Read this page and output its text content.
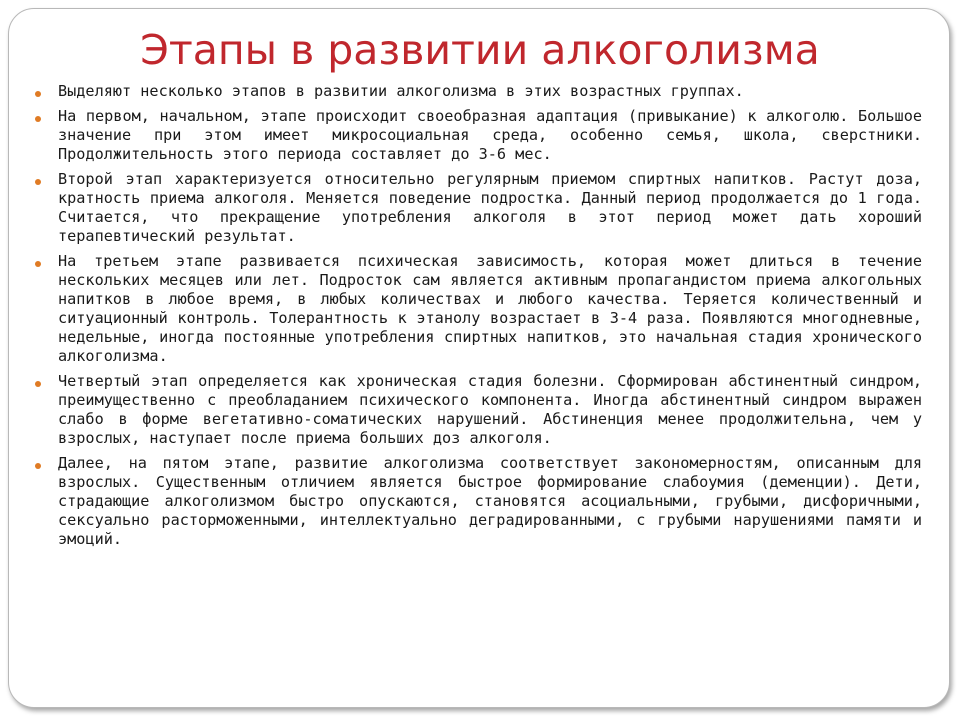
Этапы в развитии алкоголизма
Выделяют несколько этапов в развитии алкоголизма в этих возрастных группах.
На первом, начальном, этапе происходит своеобразная адаптация (привыкание) к алкоголю. Большое значение при этом имеет микросоциальная среда, особенно семья, школа, сверстники. Продолжительность этого периода составляет до 3-6 мес.
Второй этап характеризуется относительно регулярным приемом спиртных напитков. Растут доза, кратность приема алкоголя. Меняется поведение подростка. Данный период продолжается до 1 года. Считается, что прекращение употребления алкоголя в этот период может дать хороший терапевтический результат.
На третьем этапе развивается психическая зависимость, которая может длиться в течение нескольких месяцев или лет. Подросток сам является активным пропагандистом приема алкогольных напитков в любое время, в любых количествах и любого качества. Теряется количественный и ситуационный контроль. Толерантность к этанолу возрастает в 3-4 раза. Появляются многодневные, недельные, иногда постоянные употребления спиртных напитков, это начальная стадия хронического алкоголизма.
Четвертый этап определяется как хроническая стадия болезни. Сформирован абстинентный синдром, преимущественно с преобладанием психического компонента. Иногда абстинентный синдром выражен слабо в форме вегетативно-соматических нарушений. Абстиненция менее продолжительна, чем у взрослых, наступает после приема больших доз алкоголя.
Далее, на пятом этапе, развитие алкоголизма соответствует закономерностям, описанным для взрослых. Существенным отличием является быстрое формирование слабоумия (деменции). Дети, страдающие алкоголизмом быстро опускаются, становятся асоциальными, грубыми, дисфоричными, сексуально расторможенными, интеллектуально деградированными, с грубыми нарушениями памяти и эмоций.
